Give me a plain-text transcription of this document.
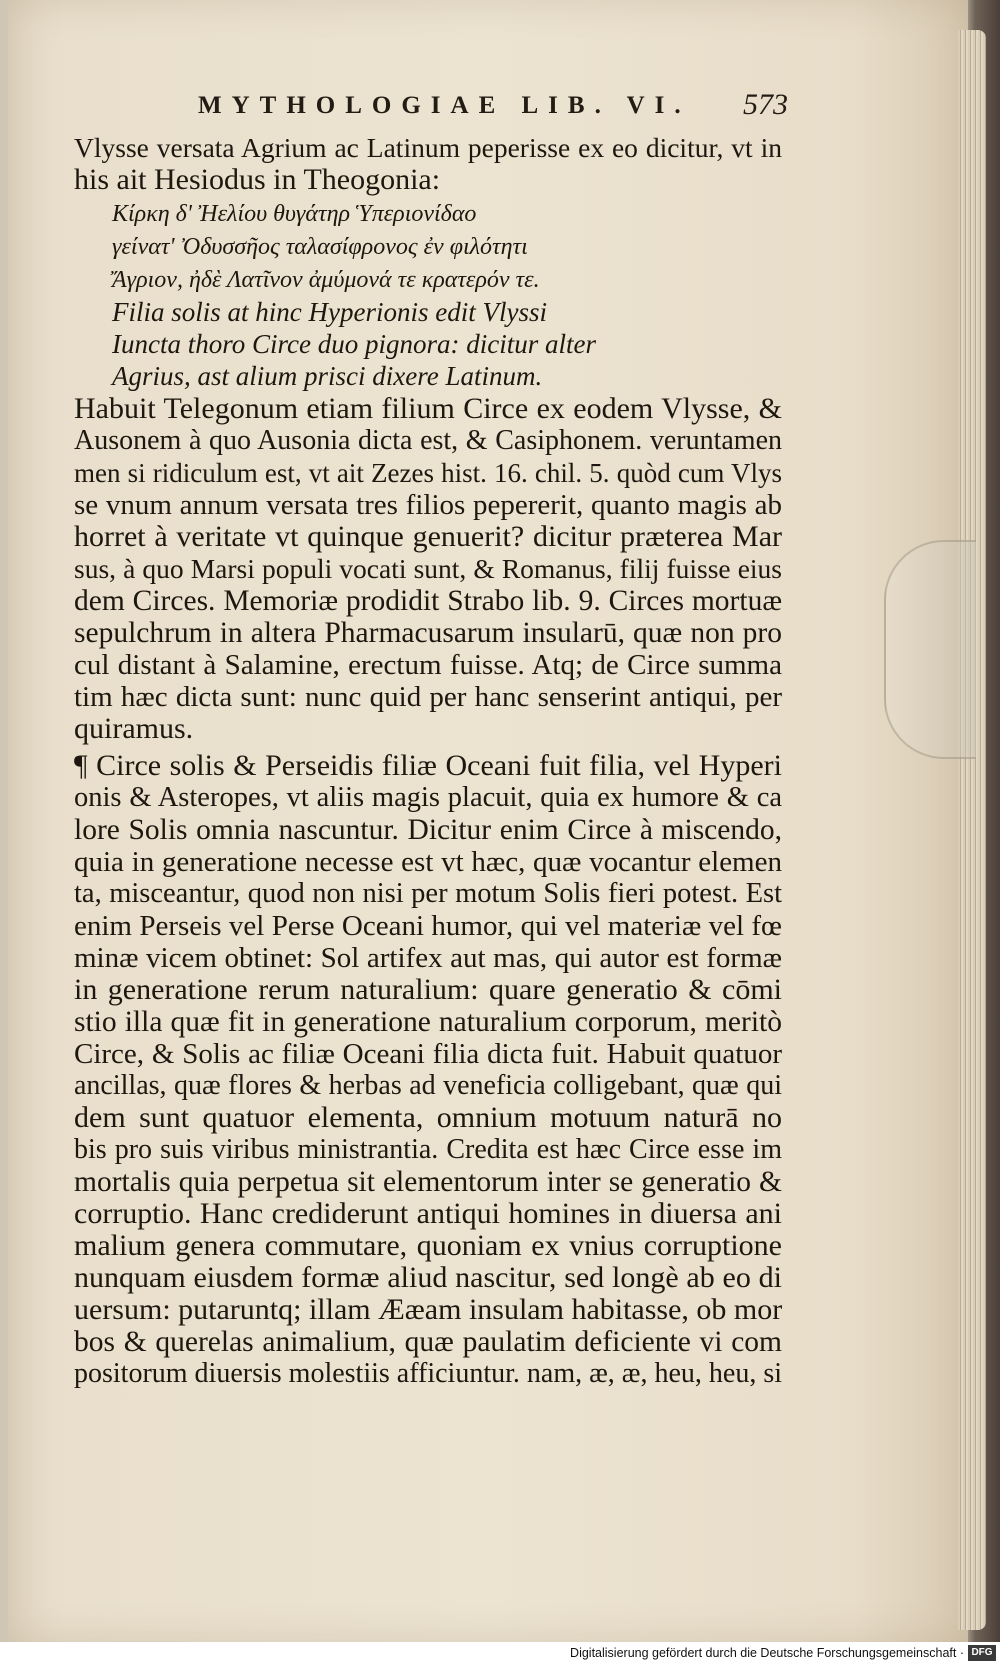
MYTHOLOGIAE LIB. VI. 573
Vlysse versata Agrium ac Latinum peperisse ex eo dicitur, vt in
his ait Hesiodus in Theogonia:
Κίρκη δ' Ἠελίου θυγάτηρ Ὑπεριονίδαο
γείνατ' Ὀδυσσῆος ταλασίφρονος ἐν φιλότητι
Ἄγριον, ἠδὲ Λατῖνον ἀμύμονά τε κρατερόν τε.
Filia solis at hinc Hyperionis edit Vlyssi
Iuncta thoro Circe duo pignora: dicitur alter
Agrius, ast alium prisci dixere Latinum.
Habuit Telegonum etiam filium Circe ex eodem Vlysse, &
Ausonem à quo Ausonia dicta est, & Casiphonem. veruntamen
men si ridiculum est, vt ait Zezes hist. 16. chil. 5. quòd cum Vlys
se vnum annum versata tres filios pepererit, quanto magis ab
horret à veritate vt quinque genuerit? dicitur præterea Mar
sus, à quo Marsi populi vocati sunt, & Romanus, filij fuisse eius
dem Circes. Memoriæ prodidit Strabo lib. 9. Circes mortuæ
sepulchrum in altera Pharmacusarum insularū, quæ non pro
cul distant à Salamine, erectum fuisse. Atq; de Circe summa
tim hæc dicta sunt: nunc quid per hanc senserint antiqui, per
quiramus.
¶ Circe solis & Perseidis filiæ Oceani fuit filia, vel Hyperi
onis & Asteropes, vt aliis magis placuit, quia ex humore & ca
lore Solis omnia nascuntur. Dicitur enim Circe à miscendo,
quia in generatione necesse est vt hæc, quæ vocantur elemen
ta, misceantur, quod non nisi per motum Solis fieri potest. Est
enim Perseis vel Perse Oceani humor, qui vel materiæ vel fœ
minæ vicem obtinet: Sol artifex aut mas, qui autor est formæ
in generatione rerum naturalium: quare generatio & cōmi
stio illa quæ fit in generatione naturalium corporum, meritò
Circe, & Solis ac filiæ Oceani filia dicta fuit. Habuit quatuor
ancillas, quæ flores & herbas ad veneficia colligebant, quæ qui
dem sunt quatuor elementa, omnium motuum naturā no
bis pro suis viribus ministrantia. Credita est hæc Circe esse im
mortalis quia perpetua sit elementorum inter se generatio &
corruptio. Hanc crediderunt antiqui homines in diuersa ani
malium genera commutare, quoniam ex vnius corruptione
nunquam eiusdem formæ aliud nascitur, sed longè ab eo di
uersum: putaruntq; illam Ææam insulam habitasse, ob mor
bos & querelas animalium, quæ paulatim deficiente vi com
positorum diuersis molestiis afficiuntur. nam, æ, æ, heu, heu, si
Digitalisierung gefördert durch die Deutsche Forschungsgemeinschaft · DFG
